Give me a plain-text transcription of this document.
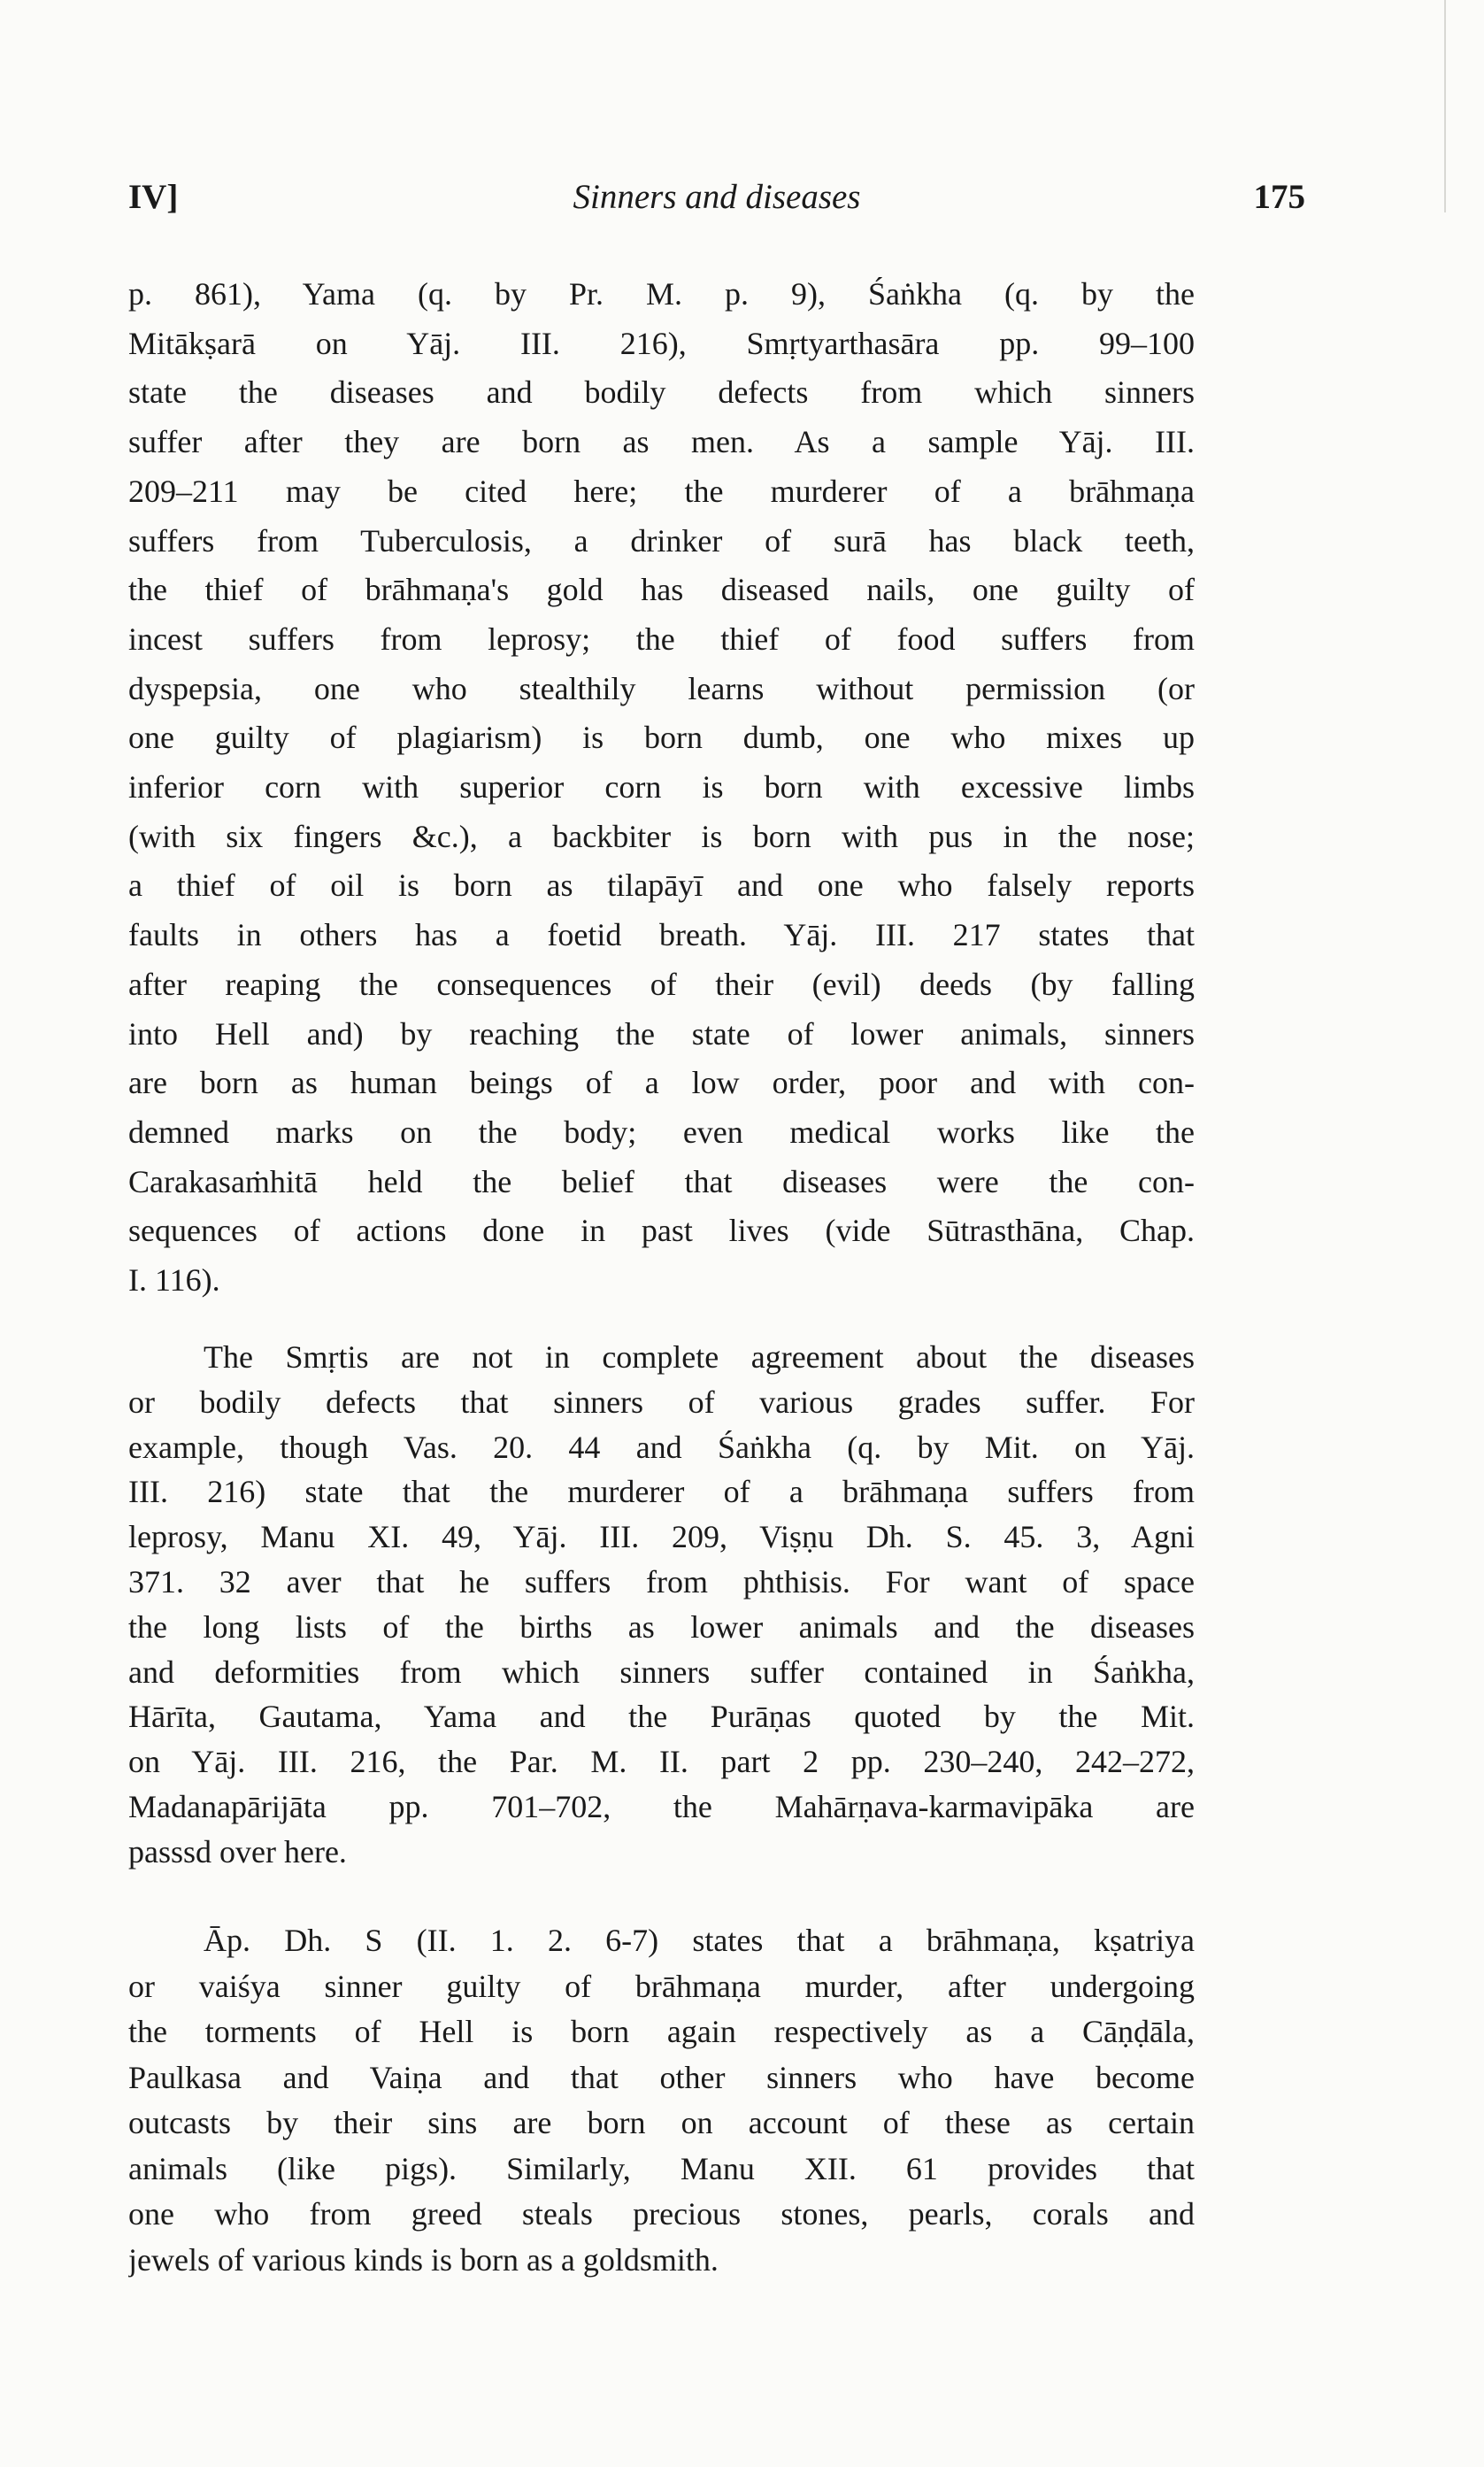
IV]	Sinners and diseases	175
p. 861), Yama (q. by Pr. M. p. 9), Śaṅkha (q. by the
Mitākṣarā on Yāj. III. 216), Smṛtyarthasāra pp. 99–100
state the diseases and bodily defects from which sinners
suffer after they are born as men. As a sample Yāj. III.
209–211 may be cited here; the murderer of a brāhmaṇa
suffers from Tuberculosis, a drinker of surā has black teeth,
the thief of brāhmaṇa's gold has diseased nails, one guilty of
incest suffers from leprosy; the thief of food suffers from
dyspepsia, one who stealthily learns without permission (or
one guilty of plagiarism) is born dumb, one who mixes up
inferior corn with superior corn is born with excessive limbs
(with six fingers &c.), a backbiter is born with pus in the nose;
a thief of oil is born as tilapāyī and one who falsely reports
faults in others has a foetid breath. Yāj. III. 217 states that
after reaping the consequences of their (evil) deeds (by falling
into Hell and) by reaching the state of lower animals, sinners
are born as human beings of a low order, poor and with con-
demned marks on the body; even medical works like the
Carakasaṁhitā held the belief that diseases were the con-
sequences of actions done in past lives (vide Sūtrasthāna, Chap.
I. 116).
The Smṛtis are not in complete agreement about the diseases
or bodily defects that sinners of various grades suffer. For
example, though Vas. 20. 44 and Śaṅkha (q. by Mit. on Yāj.
III. 216) state that the murderer of a brāhmaṇa suffers from
leprosy, Manu XI. 49, Yāj. III. 209, Viṣṇu Dh. S. 45. 3, Agni
371. 32 aver that he suffers from phthisis. For want of space
the long lists of the births as lower animals and the diseases
and deformities from which sinners suffer contained in Śaṅkha,
Hārīta, Gautama, Yama and the Purāṇas quoted by the Mit.
on Yāj. III. 216, the Par. M. II. part 2 pp. 230–240, 242–272,
Madanapārijāta pp. 701–702, the Mahārṇava-karmavipāka are
passsd over here.
Āp. Dh. S (II. 1. 2. 6-7) states that a brāhmaṇa, kṣatriya
or vaiśya sinner guilty of brāhmaṇa murder, after undergoing
the torments of Hell is born again respectively as a Cāṇḍāla,
Paulkasa and Vaiṇa and that other sinners who have become
outcasts by their sins are born on account of these as certain
animals (like pigs). Similarly, Manu XII. 61 provides that
one who from greed steals precious stones, pearls, corals and
jewels of various kinds is born as a goldsmith.
